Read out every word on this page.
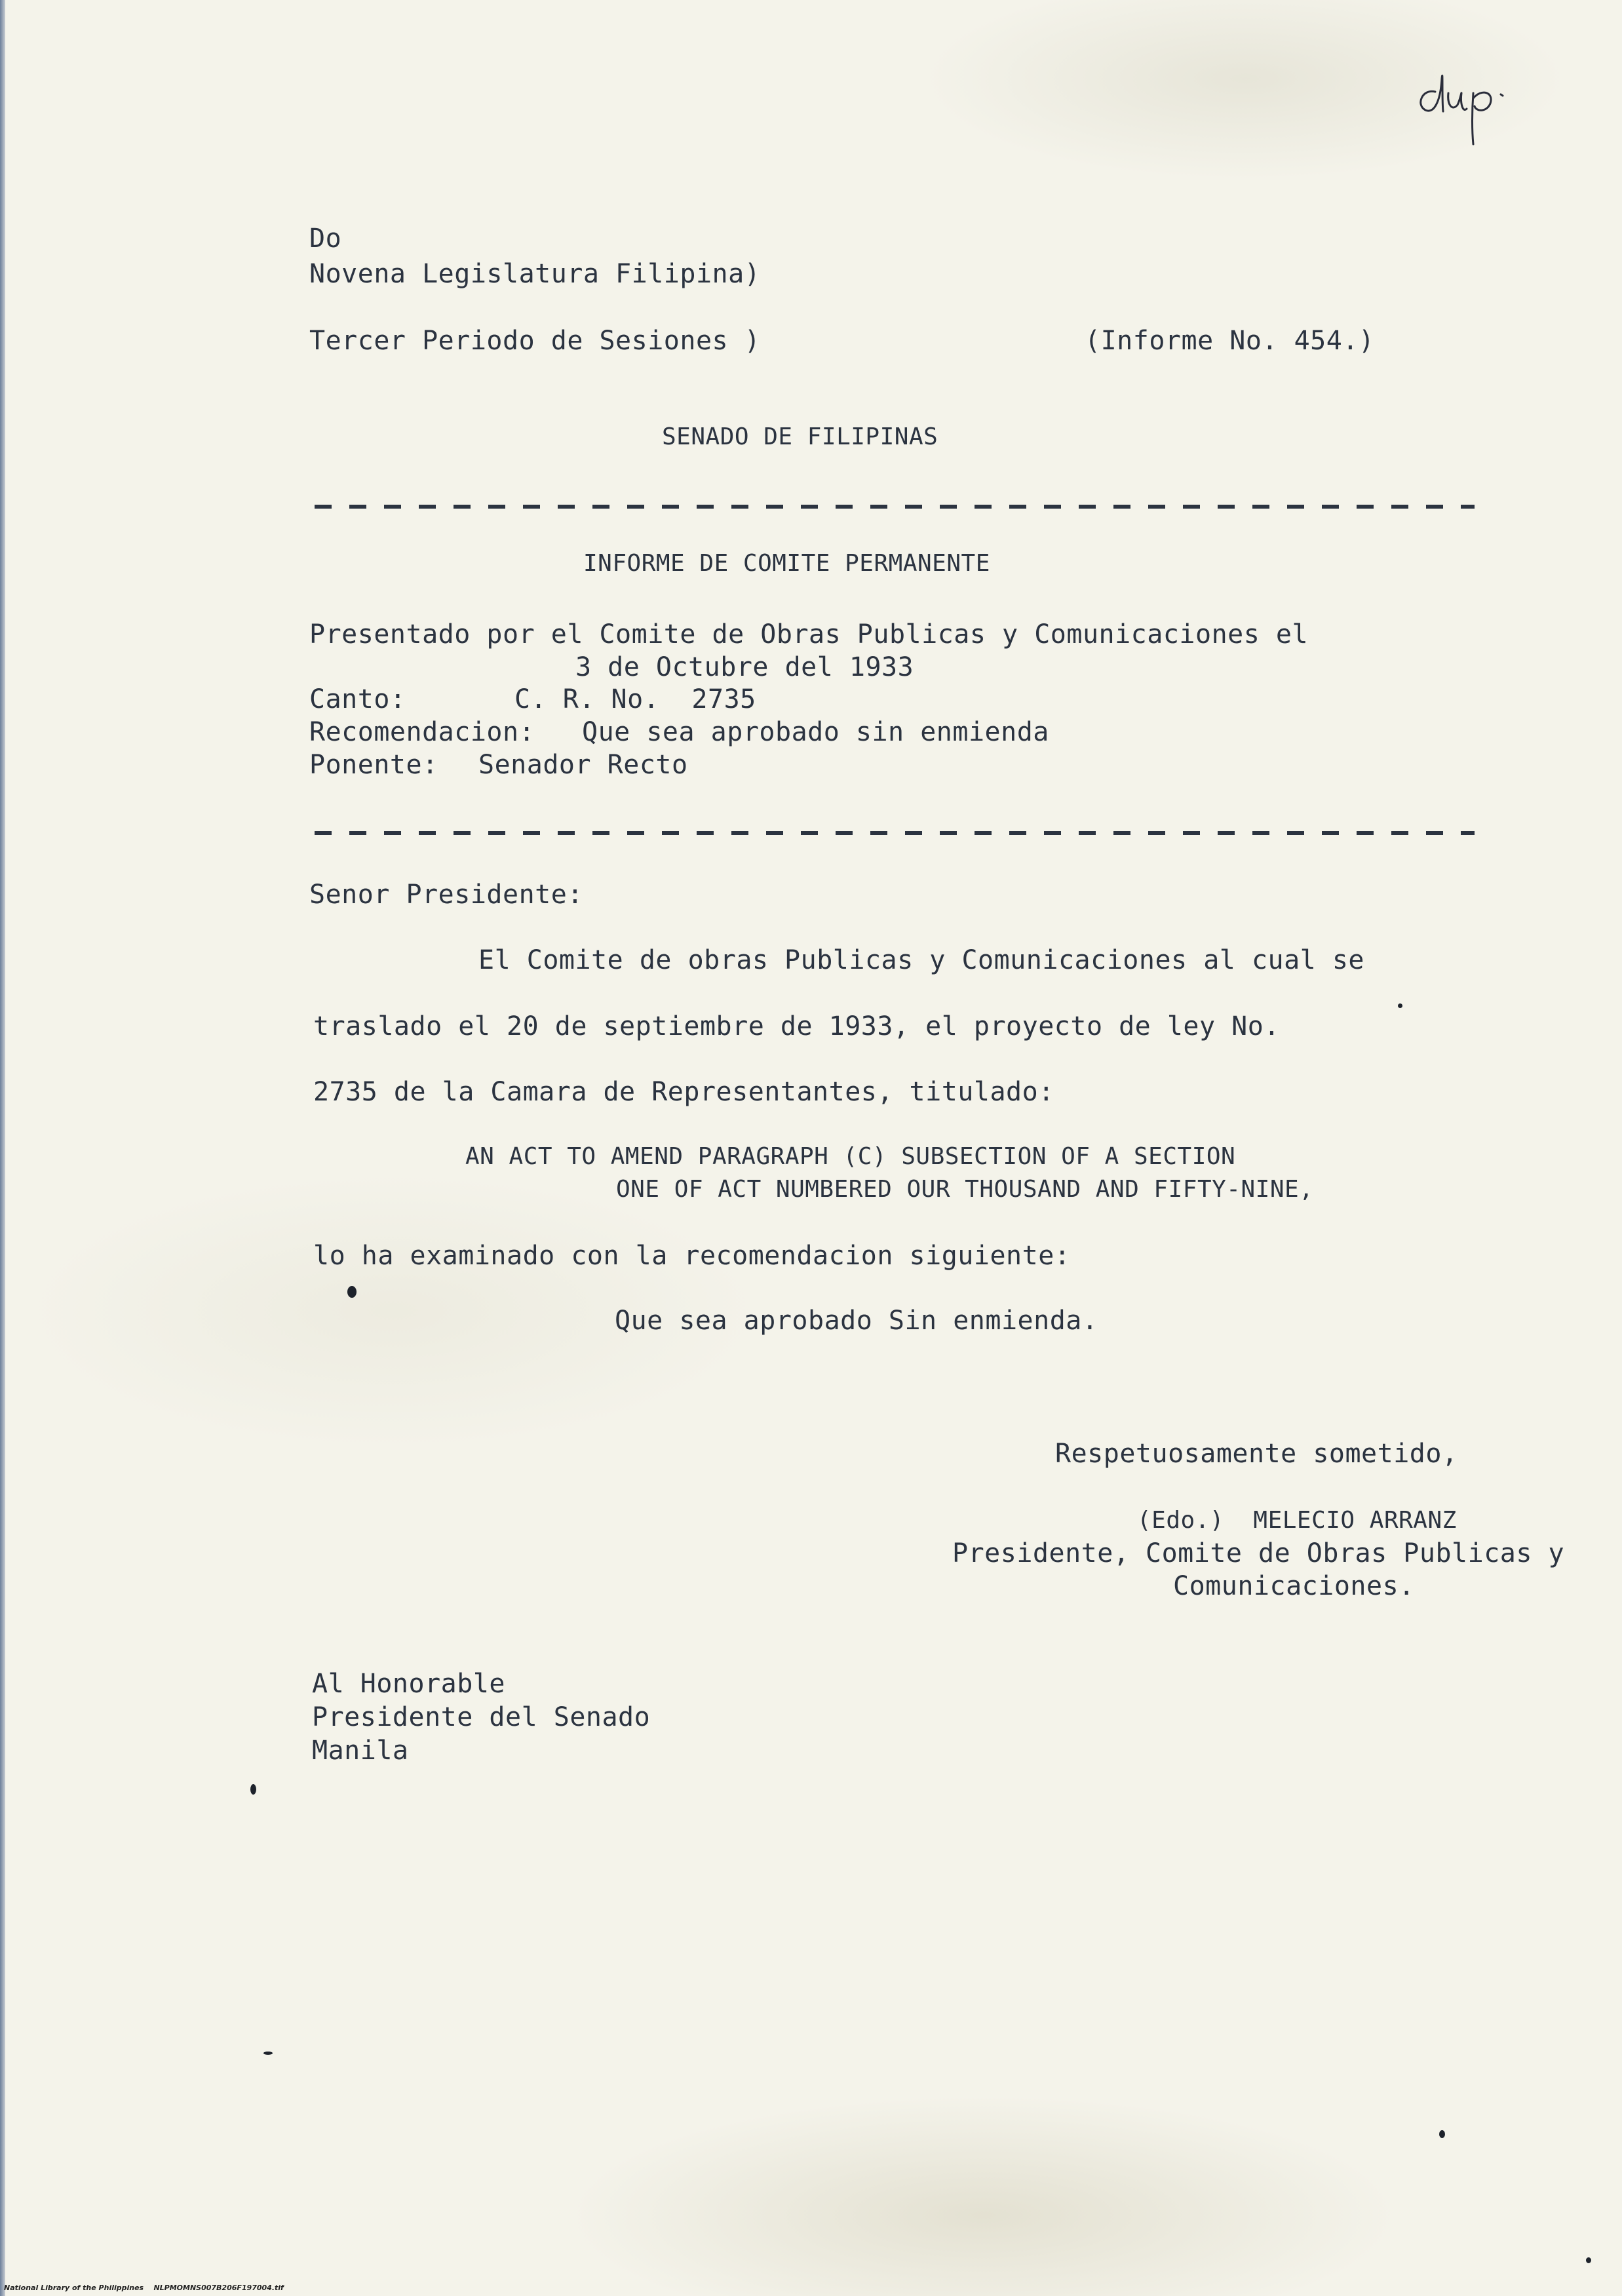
Do
Novena Legislatura Filipina)
Tercer Periodo de Sesiones )	(Informe No. 454.)
SENADO DE FILIPINAS
INFORME DE COMITE PERMANENTE
Presentado por el Comite de Obras Publicas y Comunicaciones el
3 de Octubre del 1933
Canto:	C. R. No.  2735
Recomendacion: Que sea aprobado sin enmienda
Ponente: Senador Recto
Senor Presidente:
El Comite de obras Publicas y Comunicaciones al cual se
traslado el 20 de septiembre de 1933, el proyecto de ley No.
2735 de la Camara de Representantes, titulado:
AN ACT TO AMEND PARAGRAPH (C) SUBSECTION OF A SECTION
ONE OF ACT NUMBERED OUR THOUSAND AND FIFTY-NINE,
lo ha examinado con la recomendacion siguiente:
Que sea aprobado Sin enmienda.
Respetuosamente sometido,
(Edo.)  MELECIO ARRANZ
Presidente, Comite de Obras Publicas y
Comunicaciones.
Al Honorable
Presidente del Senado
Manila
National Library of the Philippines NLPMOMNS007B206F197004.tif
